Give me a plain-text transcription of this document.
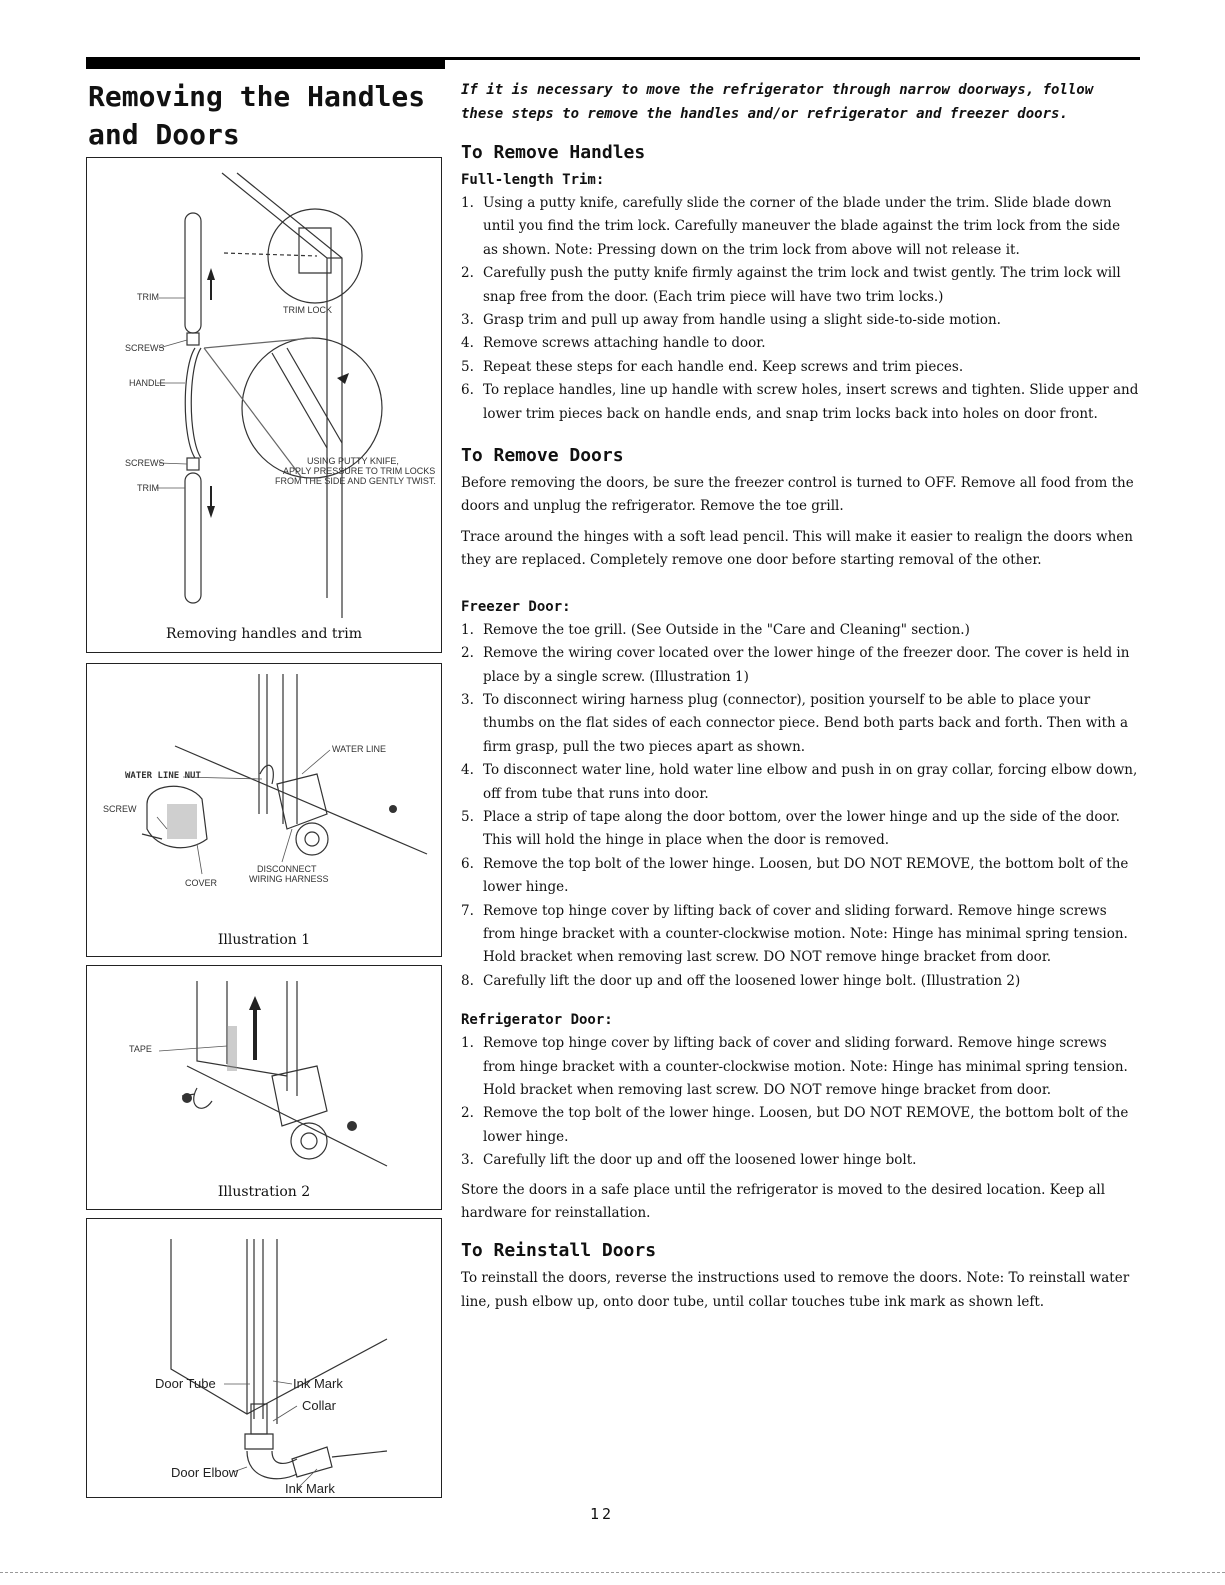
Removing the Handles and Doors
TRIM
SCREWS
HANDLE
SCREWS
TRIM
TRIM LOCK
USING PUTTY KNIFE,
APPLY PRESSURE TO TRIM LOCKS
FROM THE SIDE AND GENTLY TWIST.
Removing handles and trim
WATER LINE
WATER LINE NUT
SCREW
COVER
DISCONNECT
WIRING HARNESS
Illustration 1
TAPE
Illustration 2
Door Tube	Ink Mark
Collar
Door Elbow
Ink Mark

If it is necessary to move the refrigerator through narrow doorways, follow these steps to remove the handles and/or refrigerator and freezer doors.

To Remove Handles
Full-length Trim:
1. Using a putty knife, carefully slide the corner of the blade under the trim. Slide blade down until you find the trim lock. Carefully maneuver the blade against the trim lock from the side as shown. Note: Pressing down on the trim lock from above will not release it.
2. Carefully push the putty knife firmly against the trim lock and twist gently. The trim lock will snap free from the door. (Each trim piece will have two trim locks.)
3. Grasp trim and pull up away from handle using a slight side-to-side motion.
4. Remove screws attaching handle to door.
5. Repeat these steps for each handle end. Keep screws and trim pieces.
6. To replace handles, line up handle with screw holes, insert screws and tighten. Slide upper and lower trim pieces back on handle ends, and snap trim locks back into holes on door front.
To Remove Doors

Before removing the doors, be sure the freezer control is turned to OFF. Remove all food from the doors and unplug the refrigerator. Remove the toe grill.

Trace around the hinges with a soft lead pencil. This will make it easier to realign the doors when they are replaced. Completely remove one door before starting removal of the other.

Freezer Door:
1. Remove the toe grill. (See Outside in the "Care and Cleaning" section.)
2. Remove the wiring cover located over the lower hinge of the freezer door. The cover is held in place by a single screw. (Illustration 1)
3. To disconnect wiring harness plug (connector), position yourself to be able to place your thumbs on the flat sides of each connector piece. Bend both parts back and forth. Then with a firm grasp, pull the two pieces apart as shown.
4. To disconnect water line, hold water line elbow and push in on gray collar, forcing elbow down, off from tube that runs into door.
5. Place a strip of tape along the door bottom, over the lower hinge and up the side of the door. This will hold the hinge in place when the door is removed.
6. Remove the top bolt of the lower hinge. Loosen, but DO NOT REMOVE, the bottom bolt of the lower hinge.
7. Remove top hinge cover by lifting back of cover and sliding forward. Remove hinge screws from hinge bracket with a counter-clockwise motion. Note: Hinge has minimal spring tension. Hold bracket when removing last screw. DO NOT remove hinge bracket from door.
8. Carefully lift the door up and off the loosened lower hinge bolt. (Illustration 2)
Refrigerator Door:
1. Remove top hinge cover by lifting back of cover and sliding forward. Remove hinge screws from hinge bracket with a counter-clockwise motion. Note: Hinge has minimal spring tension. Hold bracket when removing last screw. DO NOT remove hinge bracket from door.
2. Remove the top bolt of the lower hinge. Loosen, but DO NOT REMOVE, the bottom bolt of the lower hinge.
3. Carefully lift the door up and off the loosened lower hinge bolt.

Store the doors in a safe place until the refrigerator is moved to the desired location. Keep all hardware for reinstallation.

To Reinstall Doors

To reinstall the doors, reverse the instructions used to remove the doors. Note: To reinstall water line, push elbow up, onto door tube, until collar touches tube ink mark as shown left.

12
